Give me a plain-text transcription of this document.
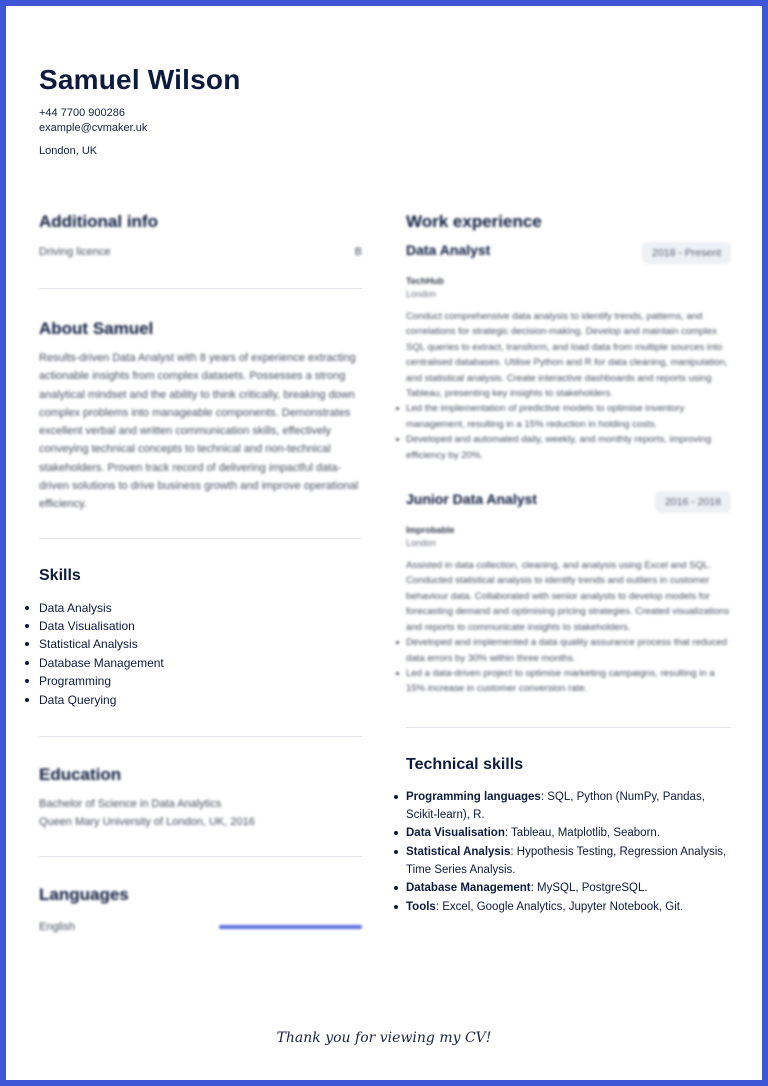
Samuel Wilson
+44 7700 900286
example@cvmaker.uk
London, UK
Additional info
Driving licence	B
About Samuel
Results-driven Data Analyst with 8 years of experience extracting actionable insights from complex datasets. Possesses a strong analytical mindset and the ability to think critically, breaking down complex problems into manageable components. Demonstrates excellent verbal and written communication skills, effectively conveying technical concepts to technical and non-technical stakeholders. Proven track record of delivering impactful data-driven solutions to drive business growth and improve operational efficiency.
Skills
Data Analysis
Data Visualisation
Statistical Analysis
Database Management
Programming
Data Querying
Education
Bachelor of Science in Data Analytics
Queen Mary University of London, UK, 2016
Languages
English
Work experience
Data Analyst	2018 - Present
TechHub
London
Conduct comprehensive data analysis to identify trends, patterns, and correlations for strategic decision-making. Develop and maintain complex SQL queries to extract, transform, and load data from multiple sources into centralised databases. Utilise Python and R for data cleaning, manipulation, and statistical analysis. Create interactive dashboards and reports using Tableau, presenting key insights to stakeholders.
Led the implementation of predictive models to optimise inventory management, resulting in a 15% reduction in holding costs.
Developed and automated daily, weekly, and monthly reports, improving efficiency by 20%.
Junior Data Analyst	2016 - 2018
Improbable
London
Assisted in data collection, cleaning, and analysis using Excel and SQL. Conducted statistical analysis to identify trends and outliers in customer behaviour data. Collaborated with senior analysts to develop models for forecasting demand and optimising pricing strategies. Created visualizations and reports to communicate insights to stakeholders.
Developed and implemented a data quality assurance process that reduced data errors by 30% within three months.
Led a data-driven project to optimise marketing campaigns, resulting in a 15% increase in customer conversion rate.
Technical skills
Programming languages: SQL, Python (NumPy, Pandas, Scikit-learn), R.
Data Visualisation: Tableau, Matplotlib, Seaborn.
Statistical Analysis: Hypothesis Testing, Regression Analysis, Time Series Analysis.
Database Management: MySQL, PostgreSQL.
Tools: Excel, Google Analytics, Jupyter Notebook, Git.
Thank you for viewing my CV!
